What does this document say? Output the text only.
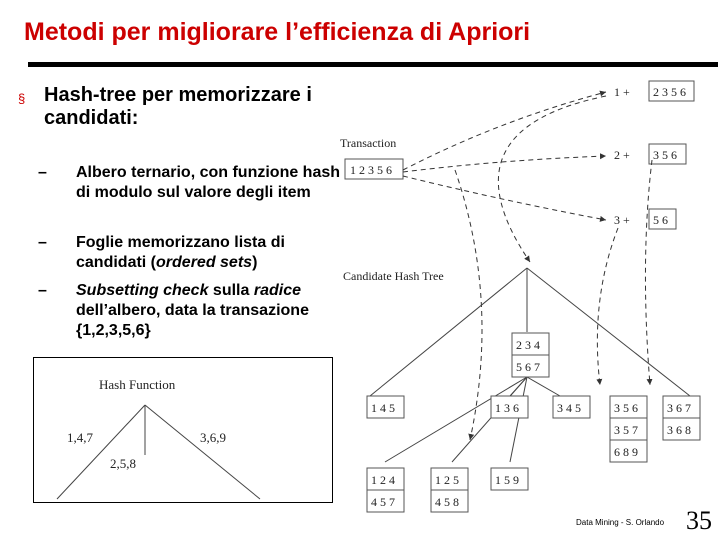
Metodi per migliorare l’efficienza di Apriori
§ Hash-tree per memorizzare i candidati:
– Albero ternario, con funzione hash di modulo sul valore degli item
– Foglie memorizzano lista di candidati (ordered sets)
– Subsetting check sulla radice dell’albero, data la transazione {1,2,3,5,6}
Hash Function
1,4,7
2,5,8
3,6,9
Transaction
1 2 3 5 6
1 + 2 3 5 6
2 + 3 5 6
3 + 5 6
Candidate Hash Tree
2 3 4
5 6 7
1 4 5	1 3 6	3 4 5	3 5 6
3 5 7
6 8 9
3 6 7
3 6 8
1 2 4
4 5 7
1 2 5
4 5 8
1 5 9
Data Mining - S. Orlando 35
